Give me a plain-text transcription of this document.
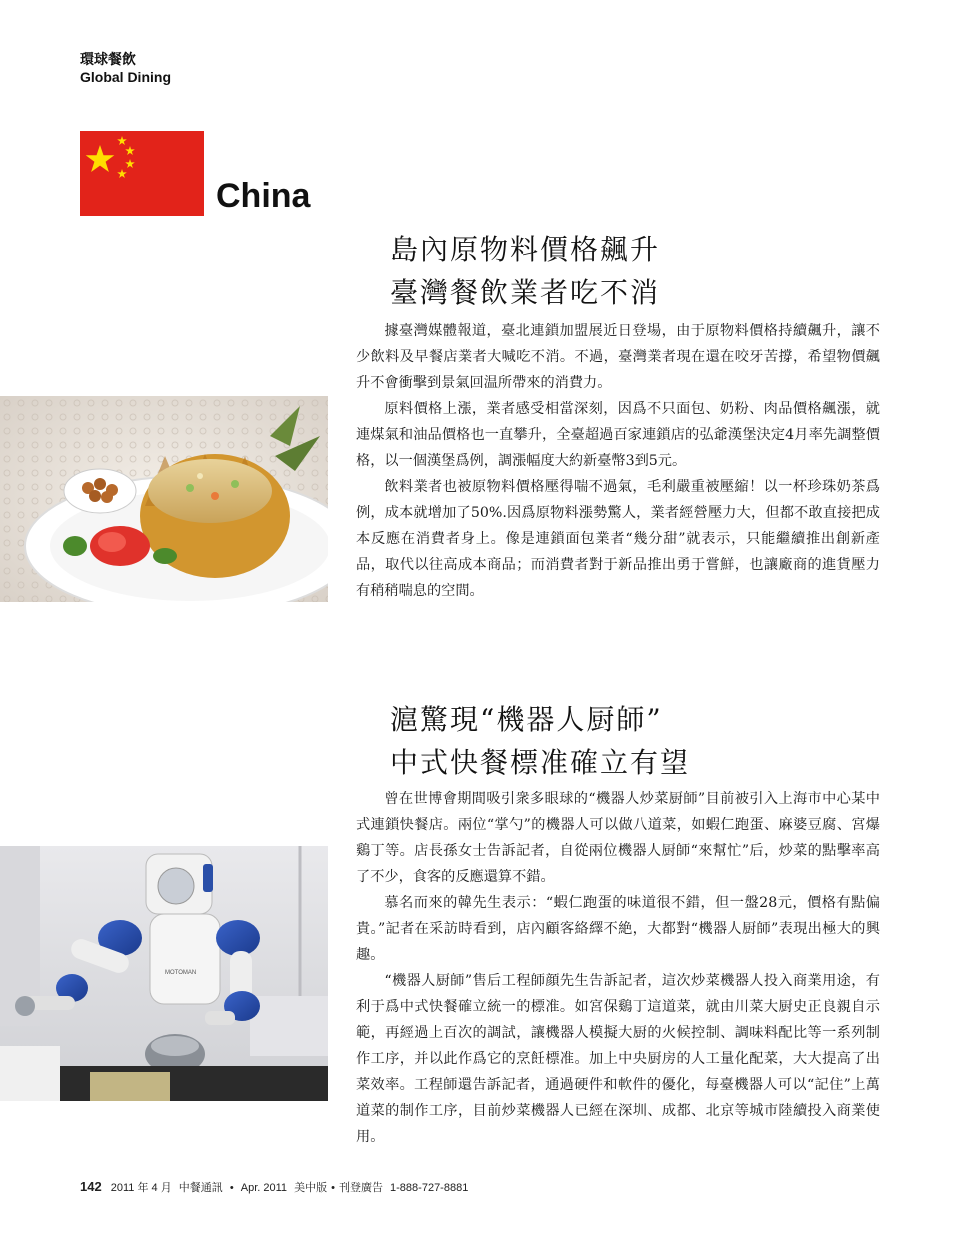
環球餐飲
Global Dining
China
島內原物料價格飆升
臺灣餐飲業者吃不消

據臺灣媒體報道，臺北連鎖加盟展近日登場，由于原物料價格持續飆升，讓不少飲料及早餐店業者大喊吃不消。不過，臺灣業者現在還在咬牙苦撐，希望物價飆升不會衝擊到景氣回温所帶來的消費力。

原料價格上漲，業者感受相當深刻，因爲不只面包、奶粉、肉品價格飆漲，就連煤氣和油品價格也一直攀升，全臺超過百家連鎖店的弘爺漢堡決定4月率先調整價格，以一個漢堡爲例，調漲幅度大約新臺幣3到5元。

飲料業者也被原物料價格壓得喘不過氣，毛利嚴重被壓縮！以一杯珍珠奶茶爲例，成本就增加了50%.因爲原物料漲勢驚人，業者經營壓力大，但都不敢直接把成本反應在消費者身上。像是連鎖面包業者“幾分甜”就表示，只能繼續推出創新產品，取代以往高成本商品；而消費者對于新品推出勇于嘗鮮，也讓廠商的進貨壓力有稍稍喘息的空間。

滬驚現“機器人厨師”
中式快餐標准確立有望
MOTOMAN

曾在世博會期間吸引衆多眼球的“機器人炒菜厨師”目前被引入上海市中心某中式連鎖快餐店。兩位“掌勺”的機器人可以做八道菜，如蝦仁跑蛋、麻婆豆腐、宮爆鷄丁等。店長孫女士告訴記者，自從兩位機器人厨師“來幫忙”后，炒菜的點擊率高了不少，食客的反應還算不錯。

慕名而來的韓先生表示：“蝦仁跑蛋的味道很不錯，但一盤28元，價格有點偏貴。”記者在采訪時看到，店內顧客絡繹不絶，大都對“機器人厨師”表現出極大的興趣。

“機器人厨師”售后工程師顔先生告訴記者，這次炒菜機器人投入商業用途，有利于爲中式快餐確立統一的標准。如宮保鷄丁這道菜，就由川菜大厨史正良親自示範，再經過上百次的調試，讓機器人模擬大厨的火候控制、調味料配比等一系列制作工序，并以此作爲它的烹飪標准。加上中央厨房的人工量化配菜，大大提高了出菜效率。工程師還告訴記者，通過硬件和軟件的優化，每臺機器人可以“記住”上萬道菜的制作工序，目前炒菜機器人已經在深圳、成都、北京等城市陸續投入商業使用。

142 2011 年 4 月 中餐通訊 • Apr. 2011 美中版 • 刊登廣告 1-888-727-8881
